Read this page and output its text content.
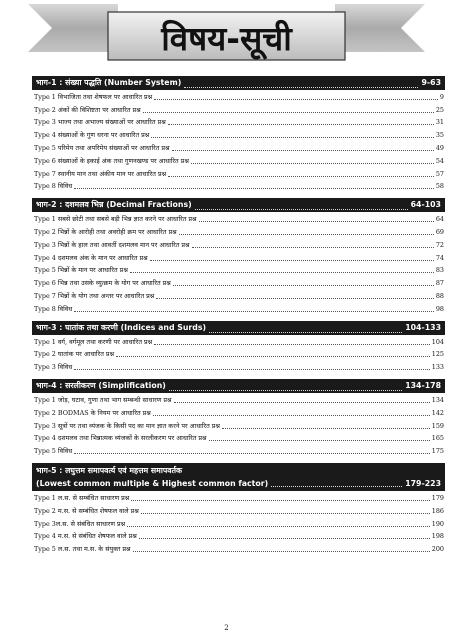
विषय-सूची
भाग-1 : संख्या पद्धति (Number System)	9-63
Type 1 विभाजिता तथा शेषफल पर आधारित प्रश्न	9
Type 2 अंकों की विशिष्टता पर आधारित प्रश्न	25
Type 3 भाज्य तथा अभाज्य संख्याओं पर आधारित प्रश्न	31
Type 4 संख्याओं के गुण धरना पर आधारित प्रश्न	35
Type 5 परिमेय तथा अपरिमेय संख्याओं पर आधारित प्रश्न	49
Type 6 संख्याओं के इकाई अंक तथा गुणनखण्ड पर आधारित प्रश्न	54
Type 7 स्थानीय मान तथा अंकीय मान पर आधारित प्रश्न	57
Type 8 विविध	58
भाग-2 : दशमलव भिन्न (Decimal Fractions)	64-103
Type 1 सबसे छोटी तथा सबसे बड़ी भिन्न ज्ञात करने पर आधारित प्रश्न	64
Type 2 भिन्नों के आरोही तथा अवरोही क्रम पर आधारित प्रश्न	69
Type 3 भिन्नों के हाल तथा आवर्ती दशमलव मान पर आधारित प्रश्न	72
Type 4 दशमलव अंक के मान पर आधारित प्रश्न	74
Type 5 भिन्नों के मान पर आधारित प्रश्न	83
Type 6 भिन्न तथा उसके व्युत्क्रम के योग पर आधारित प्रश्न	87
Type 7 भिन्नों के योग तथा अन्तर पर आधारित प्रश्न	88
Type 8 विविध	98
भाग-3 : घातांक तथा करणी (Indices and Surds)	104-133
Type 1 वर्ग, वर्गमूल तथा करणी पर आधारित प्रश्न	104
Type 2 घातांक पर आधारित प्रश्न	125
Type 3 विविध	133
भाग-4 : सरलीकरण (Simplification)	134-178
Type 1 जोड़, घटाव, गुणा तथा भाग सम्बन्धी साधारण प्रश्न	134
Type 2 BODMAS के नियम पर आधारित प्रश्न	142
Type 3 सूत्रों पर तथा व्यंजक के किसी पद का मान ज्ञात करने पर आधारित प्रश्न	159
Type 4 दशमलव तथा भिन्नात्मक व्यंजकों के सरलीकरण पर आधारित प्रश्न	165
Type 5 विविध	175
भाग-5 : लघुत्तम समापवर्त्य एवं महत्तम समापवर्तक
(Lowest common multiple & Highest common factor)	179-223
Type 1 ल.स. से सम्बंधित साधारण प्रश्न	179
Type 2 म.स. से सम्बंधित शेषफल वाले प्रश्न	186
Type 3ल.स. से संबंधित साधारण प्रश्न	190
Type 4 म.स. से संबंधित शेषफल वाले प्रश्न	198
Type 5 ल.स. तथा म.स. के संयुक्त प्रश्न	200
2
